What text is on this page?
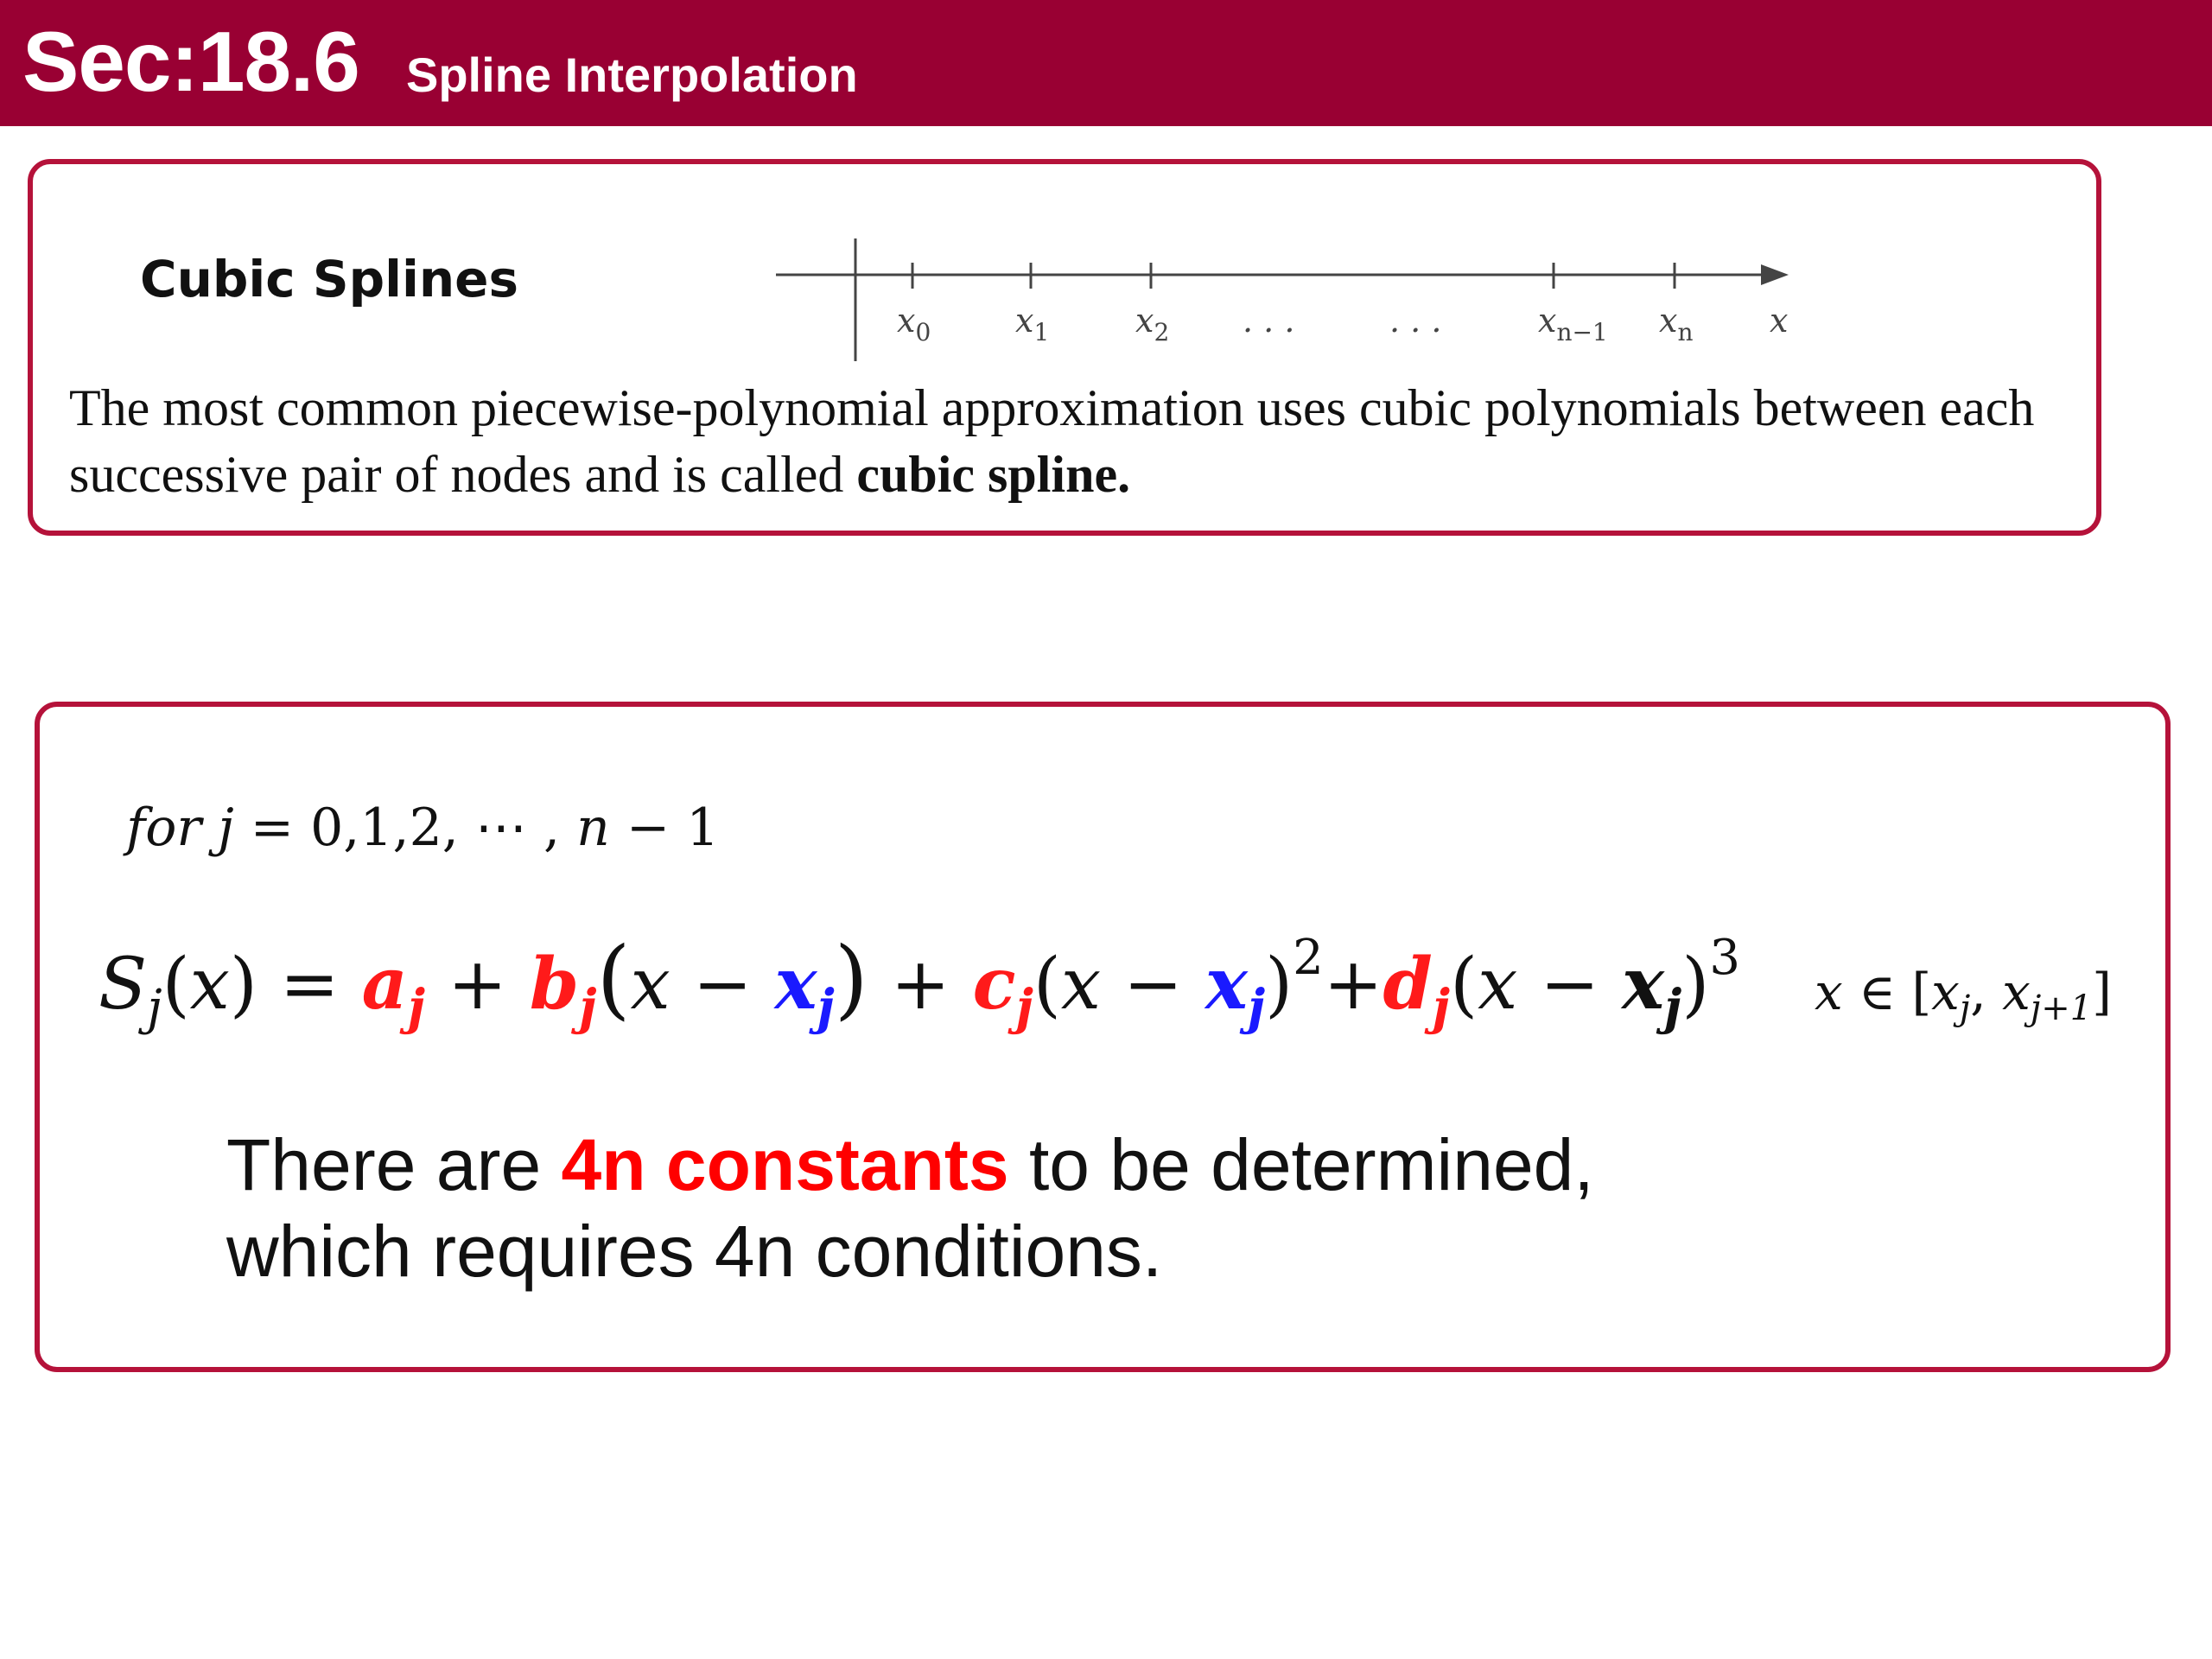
Sec:18.6 Spline Interpolation
Cubic Splines
$x_0$	$x_1$	$x_2$ . . .	. . .	$x_{n-1}$ $x_n$ x
The most common piecewise-polynomial approximation uses cubic polynomials between each successive pair of nodes and is called cubic spline.
for j = 0,1,2, ⋯ , n − 1
$S_j(x) = a_j + b_j(x - x_j) + c_j(x - x_j)^2+d_j(x - x_j)^3$
x ∈ [$x_j$, $x_{j+1}$]
There are 4n constants to be determined,
which requires 4n conditions.
